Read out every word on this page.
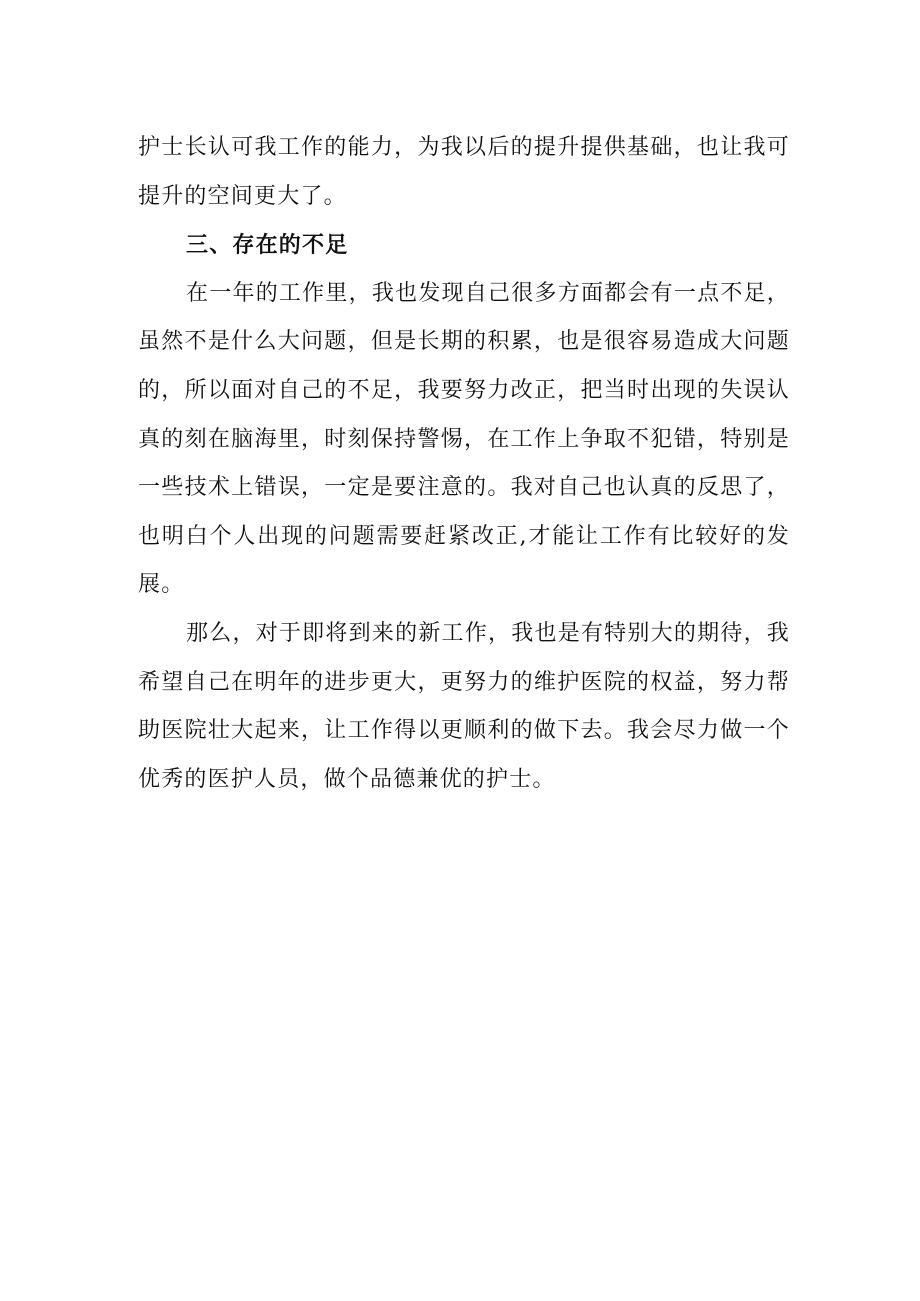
护士长认可我工作的能力，为我以后的提升提供基础，也让我可提升的空间更大了。

三、存在的不足

在一年的工作里，我也发现自己很多方面都会有一点不足，虽然不是什么大问题，但是长期的积累，也是很容易造成大问题的，所以面对自己的不足，我要努力改正，把当时出现的失误认真的刻在脑海里，时刻保持警惕，在工作上争取不犯错，特别是一些技术上错误，一定是要注意的。我对自己也认真的反思了，也明白个人出现的问题需要赶紧改正,才能让工作有比较好的发展。

那么，对于即将到来的新工作，我也是有特别大的期待，我希望自己在明年的进步更大，更努力的维护医院的权益，努力帮助医院壮大起来，让工作得以更顺利的做下去。我会尽力做一个优秀的医护人员，做个品德兼优的护士。
